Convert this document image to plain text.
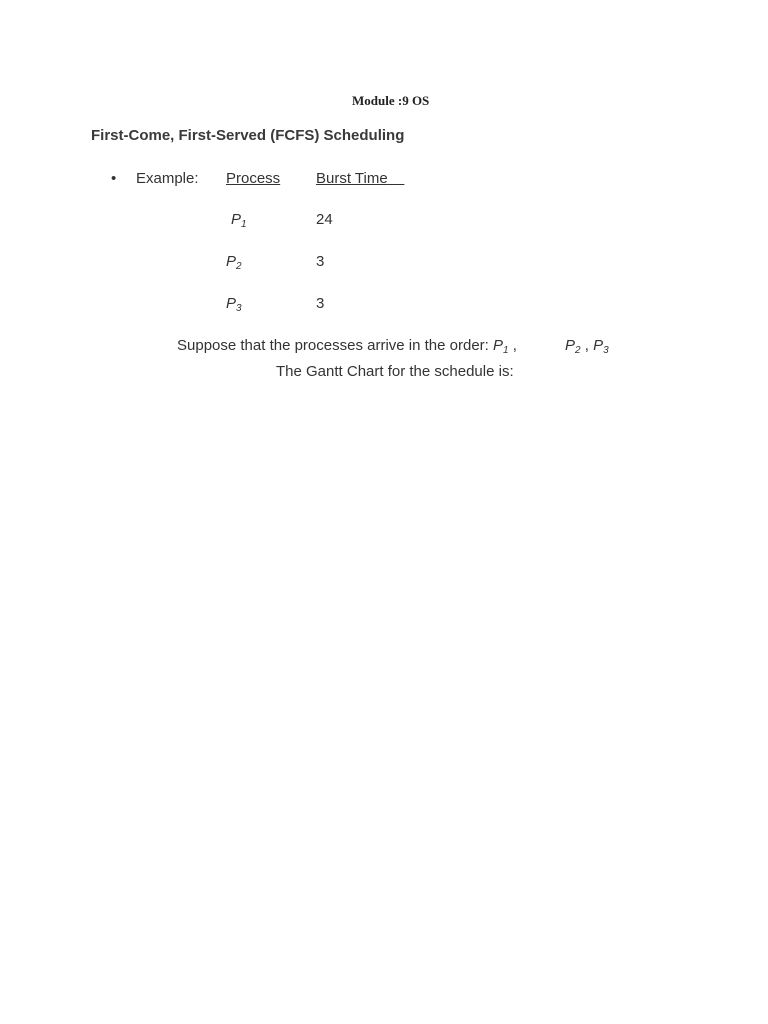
Module :9 OS
First-Come, First-Served (FCFS) Scheduling
• Example: Process Burst Time
$P_1$	24
$P_2$	3
$P_3$	3
Suppose that the processes arrive in the order: $P_1$ ,	$P_2$ , $P_3$
The Gantt Chart for the schedule is:
